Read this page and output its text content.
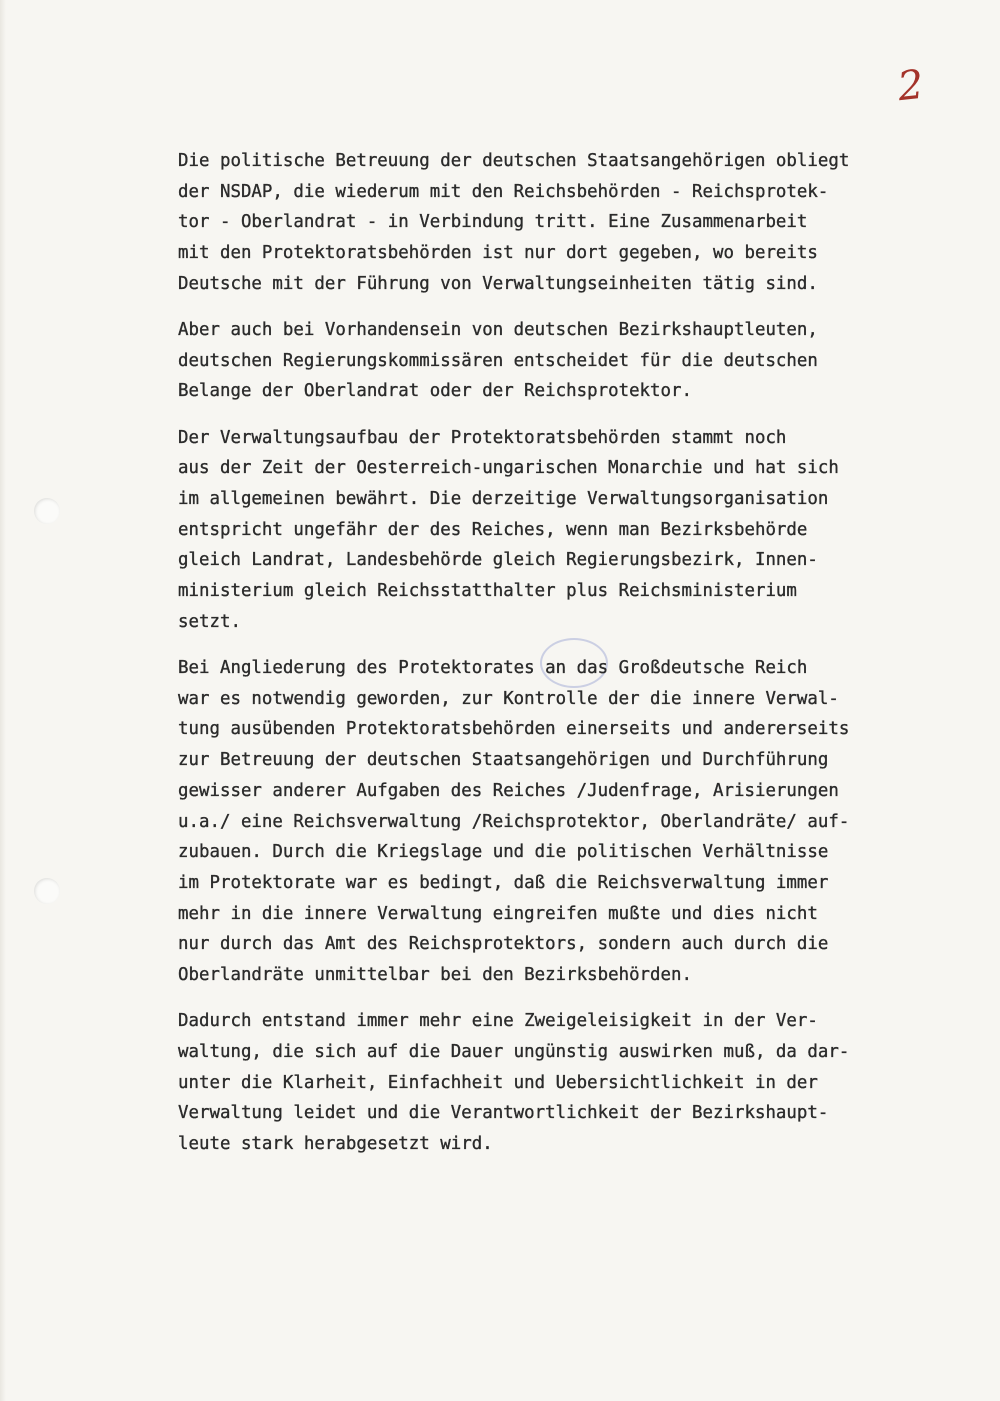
2
Die politische Betreuung der deutschen Staatsangehörigen obliegt
der NSDAP, die wiederum mit den Reichsbehörden - Reichsprotek-
tor - Oberlandrat - in Verbindung tritt. Eine Zusammenarbeit
mit den Protektoratsbehörden ist nur dort gegeben, wo bereits
Deutsche mit der Führung von Verwaltungseinheiten tätig sind.
Aber auch bei Vorhandensein von deutschen Bezirkshauptleuten,
deutschen Regierungskommissären entscheidet für die deutschen
Belange der Oberlandrat oder der Reichsprotektor.
Der Verwaltungsaufbau der Protektoratsbehörden stammt noch
aus der Zeit der Oesterreich-ungarischen Monarchie und hat sich
im allgemeinen bewährt. Die derzeitige Verwaltungsorganisation
entspricht ungefähr der des Reiches, wenn man Bezirksbehörde
gleich Landrat, Landesbehörde gleich Regierungsbezirk, Innen-
ministerium gleich Reichsstatthalter plus Reichsministerium
setzt.
Bei Angliederung des Protektorates an das Großdeutsche Reich
war es notwendig geworden, zur Kontrolle der die innere Verwal-
tung ausübenden Protektoratsbehörden einerseits und andererseits
zur Betreuung der deutschen Staatsangehörigen und Durchführung
gewisser anderer Aufgaben des Reiches /Judenfrage, Arisierungen
u.a./ eine Reichsverwaltung /Reichsprotektor, Oberlandräte/ auf-
zubauen. Durch die Kriegslage und die politischen Verhältnisse
im Protektorate war es bedingt, daß die Reichsverwaltung immer
mehr in die innere Verwaltung eingreifen mußte und dies nicht
nur durch das Amt des Reichsprotektors, sondern auch durch die
Oberlandräte unmittelbar bei den Bezirksbehörden.
Dadurch entstand immer mehr eine Zweigeleisigkeit in der Ver-
waltung, die sich auf die Dauer ungünstig auswirken muß, da dar-
unter die Klarheit, Einfachheit und Uebersichtlichkeit in der
Verwaltung leidet und die Verantwortlichkeit der Bezirkshaupt-
leute stark herabgesetzt wird.
